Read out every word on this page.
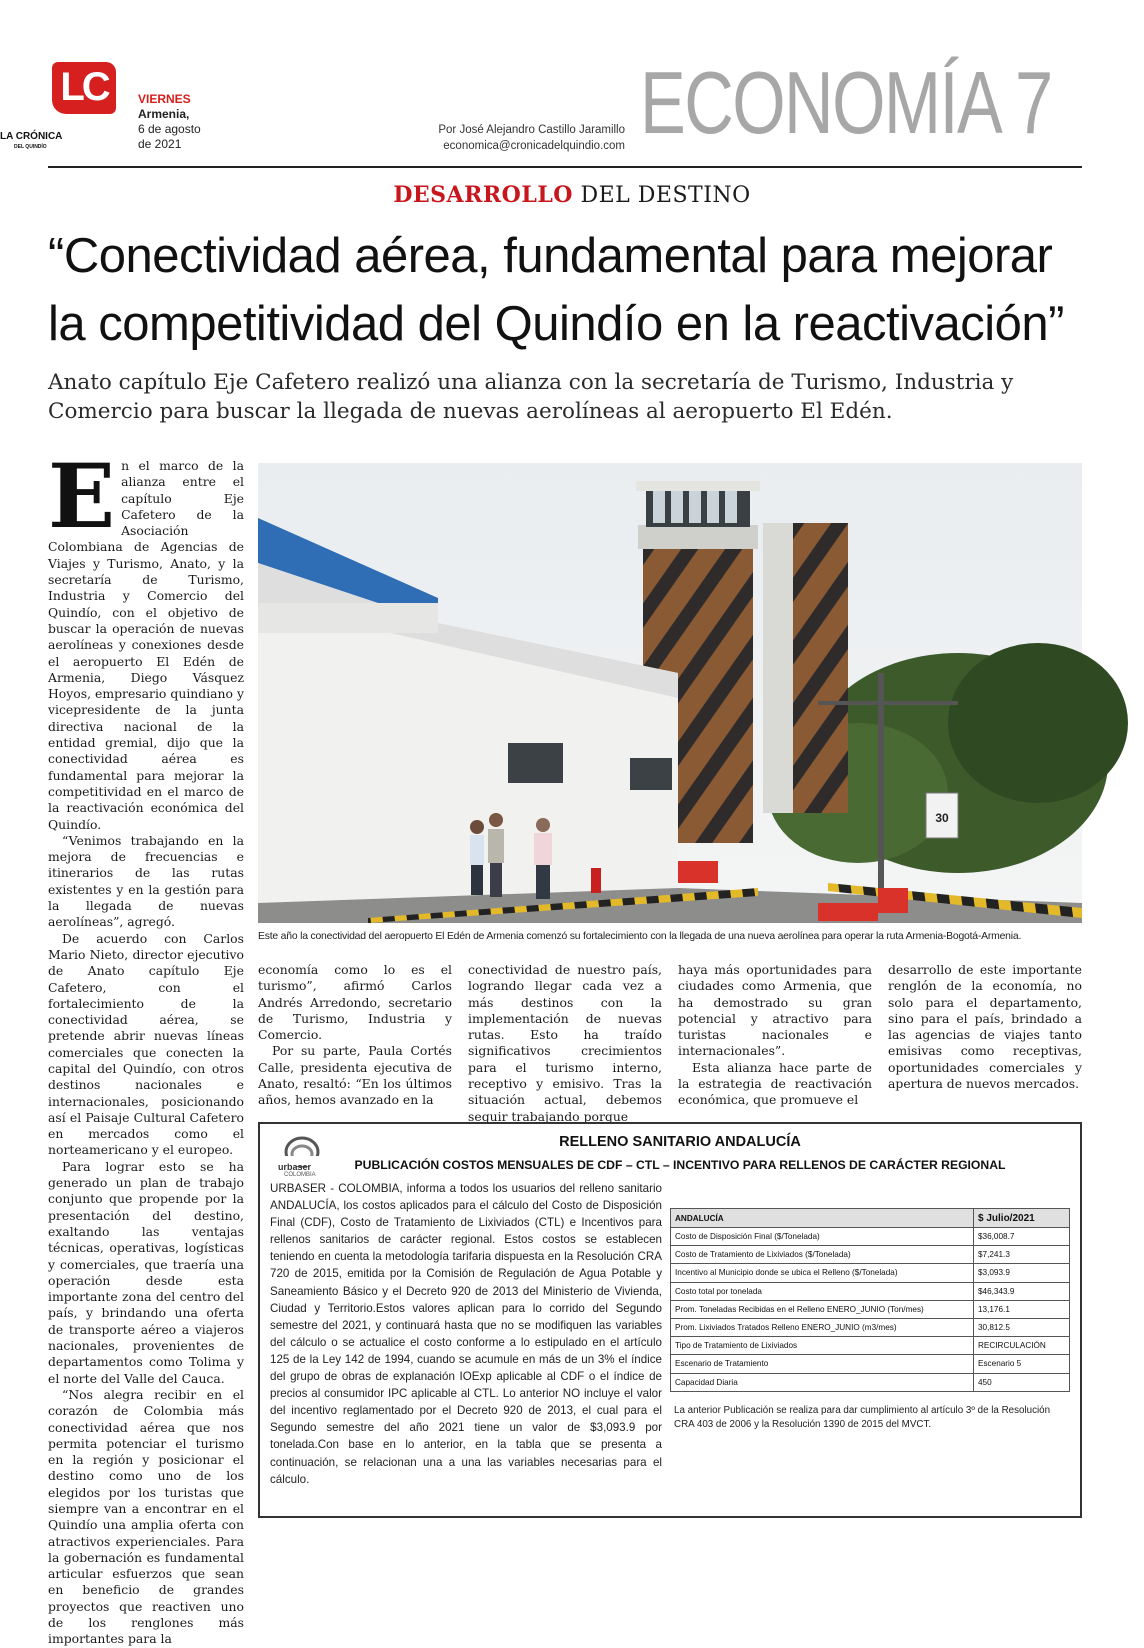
LC
LA CRÓNICA
DEL QUINDÍO
VIERNES
Armenia,
6 de agosto
de 2021
Por José Alejandro Castillo Jaramillo
economica@cronicadelquindio.com ECONOMÍA 7
DESARROLLO DEL DESTINO
“Conectividad aérea, fundamental para mejorar
la competitividad del Quindío en la reactivación”
Anato capítulo Eje Cafetero realizó una alianza con la secretaría de Turismo, Industria y Comercio para buscar la llegada de nuevas aerolíneas al aeropuerto El Edén.

En el marco de la alianza entre el capítulo Eje Cafetero de la Asociación Colombiana de Agencias de Viajes y Turismo, Anato, y la secretaría de Turismo, Industria y Comercio del Quindío, con el objetivo de buscar la operación de nuevas aerolíneas y conexiones desde el aeropuerto El Edén de Armenia, Diego Vásquez Hoyos, empresario quindiano y vicepresidente de la junta directiva nacional de la entidad gremial, dijo que la conectividad aérea es fundamental para mejorar la competitividad en el marco de la reactivación económica del Quindío.

“Venimos trabajando en la mejora de frecuencias e itinerarios de las rutas existentes y en la gestión para la llegada de nuevas aerolíneas”, agregó.

De acuerdo con Carlos Mario Nieto, director ejecutivo de Anato capítulo Eje Cafetero, con el fortalecimiento de la conectividad aérea, se pretende abrir nuevas líneas comerciales que conecten la capital del Quindío, con otros destinos nacionales e internacionales, posicionando así el Paisaje Cultural Cafetero en mercados como el norteamericano y el europeo.

Para lograr esto se ha generado un plan de trabajo conjunto que propende por la presentación del destino, exaltando las ventajas técnicas, operativas, logísticas y comerciales, que traería una operación desde esta importante zona del centro del país, y brindando una oferta de transporte aéreo a viajeros nacionales, provenientes de departamentos como Tolima y el norte del Valle del Cauca.

“Nos alegra recibir en el corazón de Colombia más conectividad aérea que nos permita potenciar el turismo en la región y posicionar el destino como uno de los elegidos por los turistas que siempre van a encontrar en el Quindío una amplia oferta con atractivos experienciales. Para la gobernación es fundamental articular esfuerzos que sean en beneficio de grandes proyectos que reactiven uno de los renglones más importantes para la

30
Este año la conectividad del aeropuerto El Edén de Armenia comenzó su fortalecimiento con la llegada de una nueva aerolínea para operar la ruta Armenia-Bogotá-Armenia.

economía como lo es el turismo”, afirmó Carlos Andrés Arredondo, secretario de Turismo, Industria y Comercio.

Por su parte, Paula Cortés Calle, presidenta ejecutiva de Anato, resaltó: “En los últimos años, hemos avanzado en la

conectividad de nuestro país, logrando llegar cada vez a más destinos con la implementación de nuevas rutas. Esto ha traído significativos crecimientos para el turismo interno, receptivo y emisivo. Tras la situación actual, debemos seguir trabajando porque

haya más oportunidades para ciudades como Armenia, que ha demostrado su gran potencial y atractivo para turistas nacionales e internacionales”.

Esta alianza hace parte de la estrategia de reactivación económica, que promueve el

desarrollo de este importante renglón de la economía, no solo para el departamento, sino para el país, brindado a las agencias de viajes tanto emisivas como receptivas, oportunidades comerciales y apertura de nuevos mercados.

urbaser
COLOMBIA
RELLENO SANITARIO ANDALUCÍA
PUBLICACIÓN COSTOS MENSUALES DE CDF – CTL – INCENTIVO PARA RELLENOS DE CARÁCTER REGIONAL
URBASER - COLOMBIA, informa a todos los usuarios del relleno sanitario ANDALUCÍA, los costos aplicados para el cálculo del Costo de Disposición Final (CDF), Costo de Tratamiento de Lixiviados (CTL) e Incentivos para rellenos sanitarios de carácter regional. Estos costos se establecen teniendo en cuenta la metodología tarifaria dispuesta en la Resolución CRA 720 de 2015, emitida por la Comisión de Regulación de Agua Potable y Saneamiento Básico y el Decreto 920 de 2013 del Ministerio de Vivienda, Ciudad y Territorio.Estos valores aplican para lo corrido del Segundo semestre del 2021, y continuará hasta que no se modifiquen las variables del cálculo o se actualice el costo conforme a lo estipulado en el artículo 125 de la Ley 142 de 1994, cuando se acumule en más de un 3% el índice del grupo de obras de explanación IOExp aplicable al CDF o el índice de precios al consumidor IPC aplicable al CTL. Lo anterior NO incluye el valor del incentivo reglamentado por el Decreto 920 de 2013, el cual para el Segundo semestre del año 2021 tiene un valor de $3,093.9 por tonelada.Con base en lo anterior, en la tabla que se presenta a continuación, se relacionan una a una las variables necesarias para el cálculo.
ANDALUCÍA	$ Julio/2021
Costo de Disposición Final ($/Tonelada)	$36,008.7
Costo de Tratamiento de Lixiviados ($/Tonelada)	$7,241.3
Incentivo al Municipio donde se ubica el Relleno ($/Tonelada)	$3,093.9
Costo total por tonelada	$46,343.9
Prom. Toneladas Recibidas en el Relleno ENERO_JUNIO (Ton/mes)	13,176.1
Prom. Lixiviados Tratados Relleno ENERO_JUNIO (m3/mes)	30,812.5
Tipo de Tratamiento de Lixiviados	RECIRCULACIÓN
Escenario de Tratamiento	Escenario 5
Capacidad Diaria	450
La anterior Publicación se realiza para dar cumplimiento al artículo 3º de la Resolución CRA 403 de 2006 y la Resolución 1390 de 2015 del MVCT.
